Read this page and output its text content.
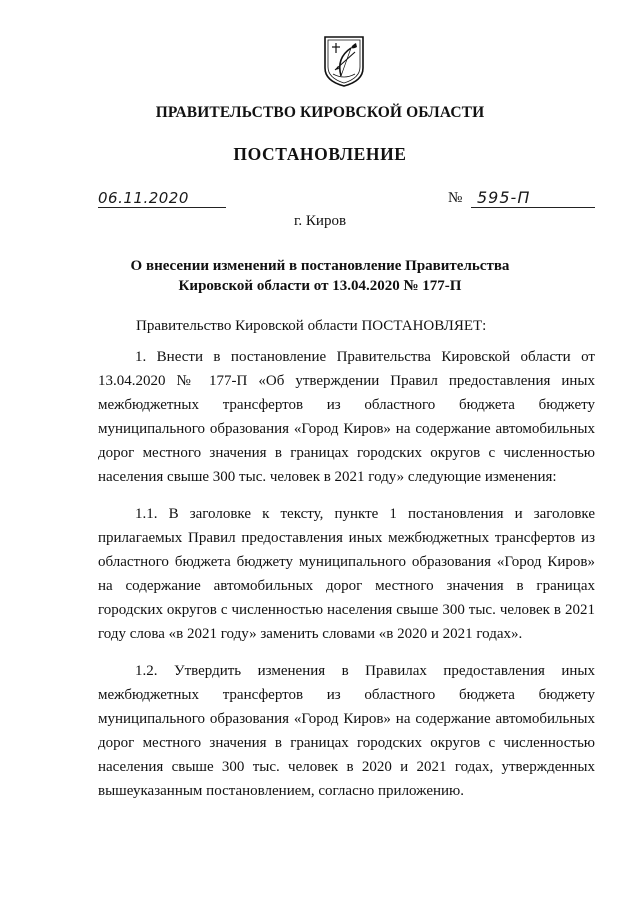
ПРАВИТЕЛЬСТВО КИРОВСКОЙ ОБЛАСТИ
ПОСТАНОВЛЕНИЕ
06.11.2020	№ 595-П
г. Киров
О внесении изменений в постановление Правительства
Кировской области от 13.04.2020 № 177-П
Правительство Кировской области ПОСТАНОВЛЯЕТ:

1. Внести в постановление Правительства Кировской области от 13.04.2020 № 177-П «Об утверждении Правил предоставления иных межбюджетных трансфертов из областного бюджета бюджету муниципального образования «Город Киров» на содержание автомобильных дорог местного значения в границах городских округов с численностью населения свыше 300 тыс. человек в 2021 году» следующие изменения:

1.1. В заголовке к тексту, пункте 1 постановления и заголовке прилагаемых Правил предоставления иных межбюджетных трансфертов из областного бюджета бюджету муниципального образования «Город Киров» на содержание автомобильных дорог местного значения в границах городских округов с численностью населения свыше 300 тыс. человек в 2021 году слова «в 2021 году» заменить словами «в 2020 и 2021 годах».

1.2. Утвердить изменения в Правилах предоставления иных межбюджетных трансфертов из областного бюджета бюджету муниципального образования «Город Киров» на содержание автомобильных дорог местного значения в границах городских округов с численностью населения свыше 300 тыс. человек в 2020 и 2021 годах, утвержденных вышеуказанным постановлением, согласно приложению.
